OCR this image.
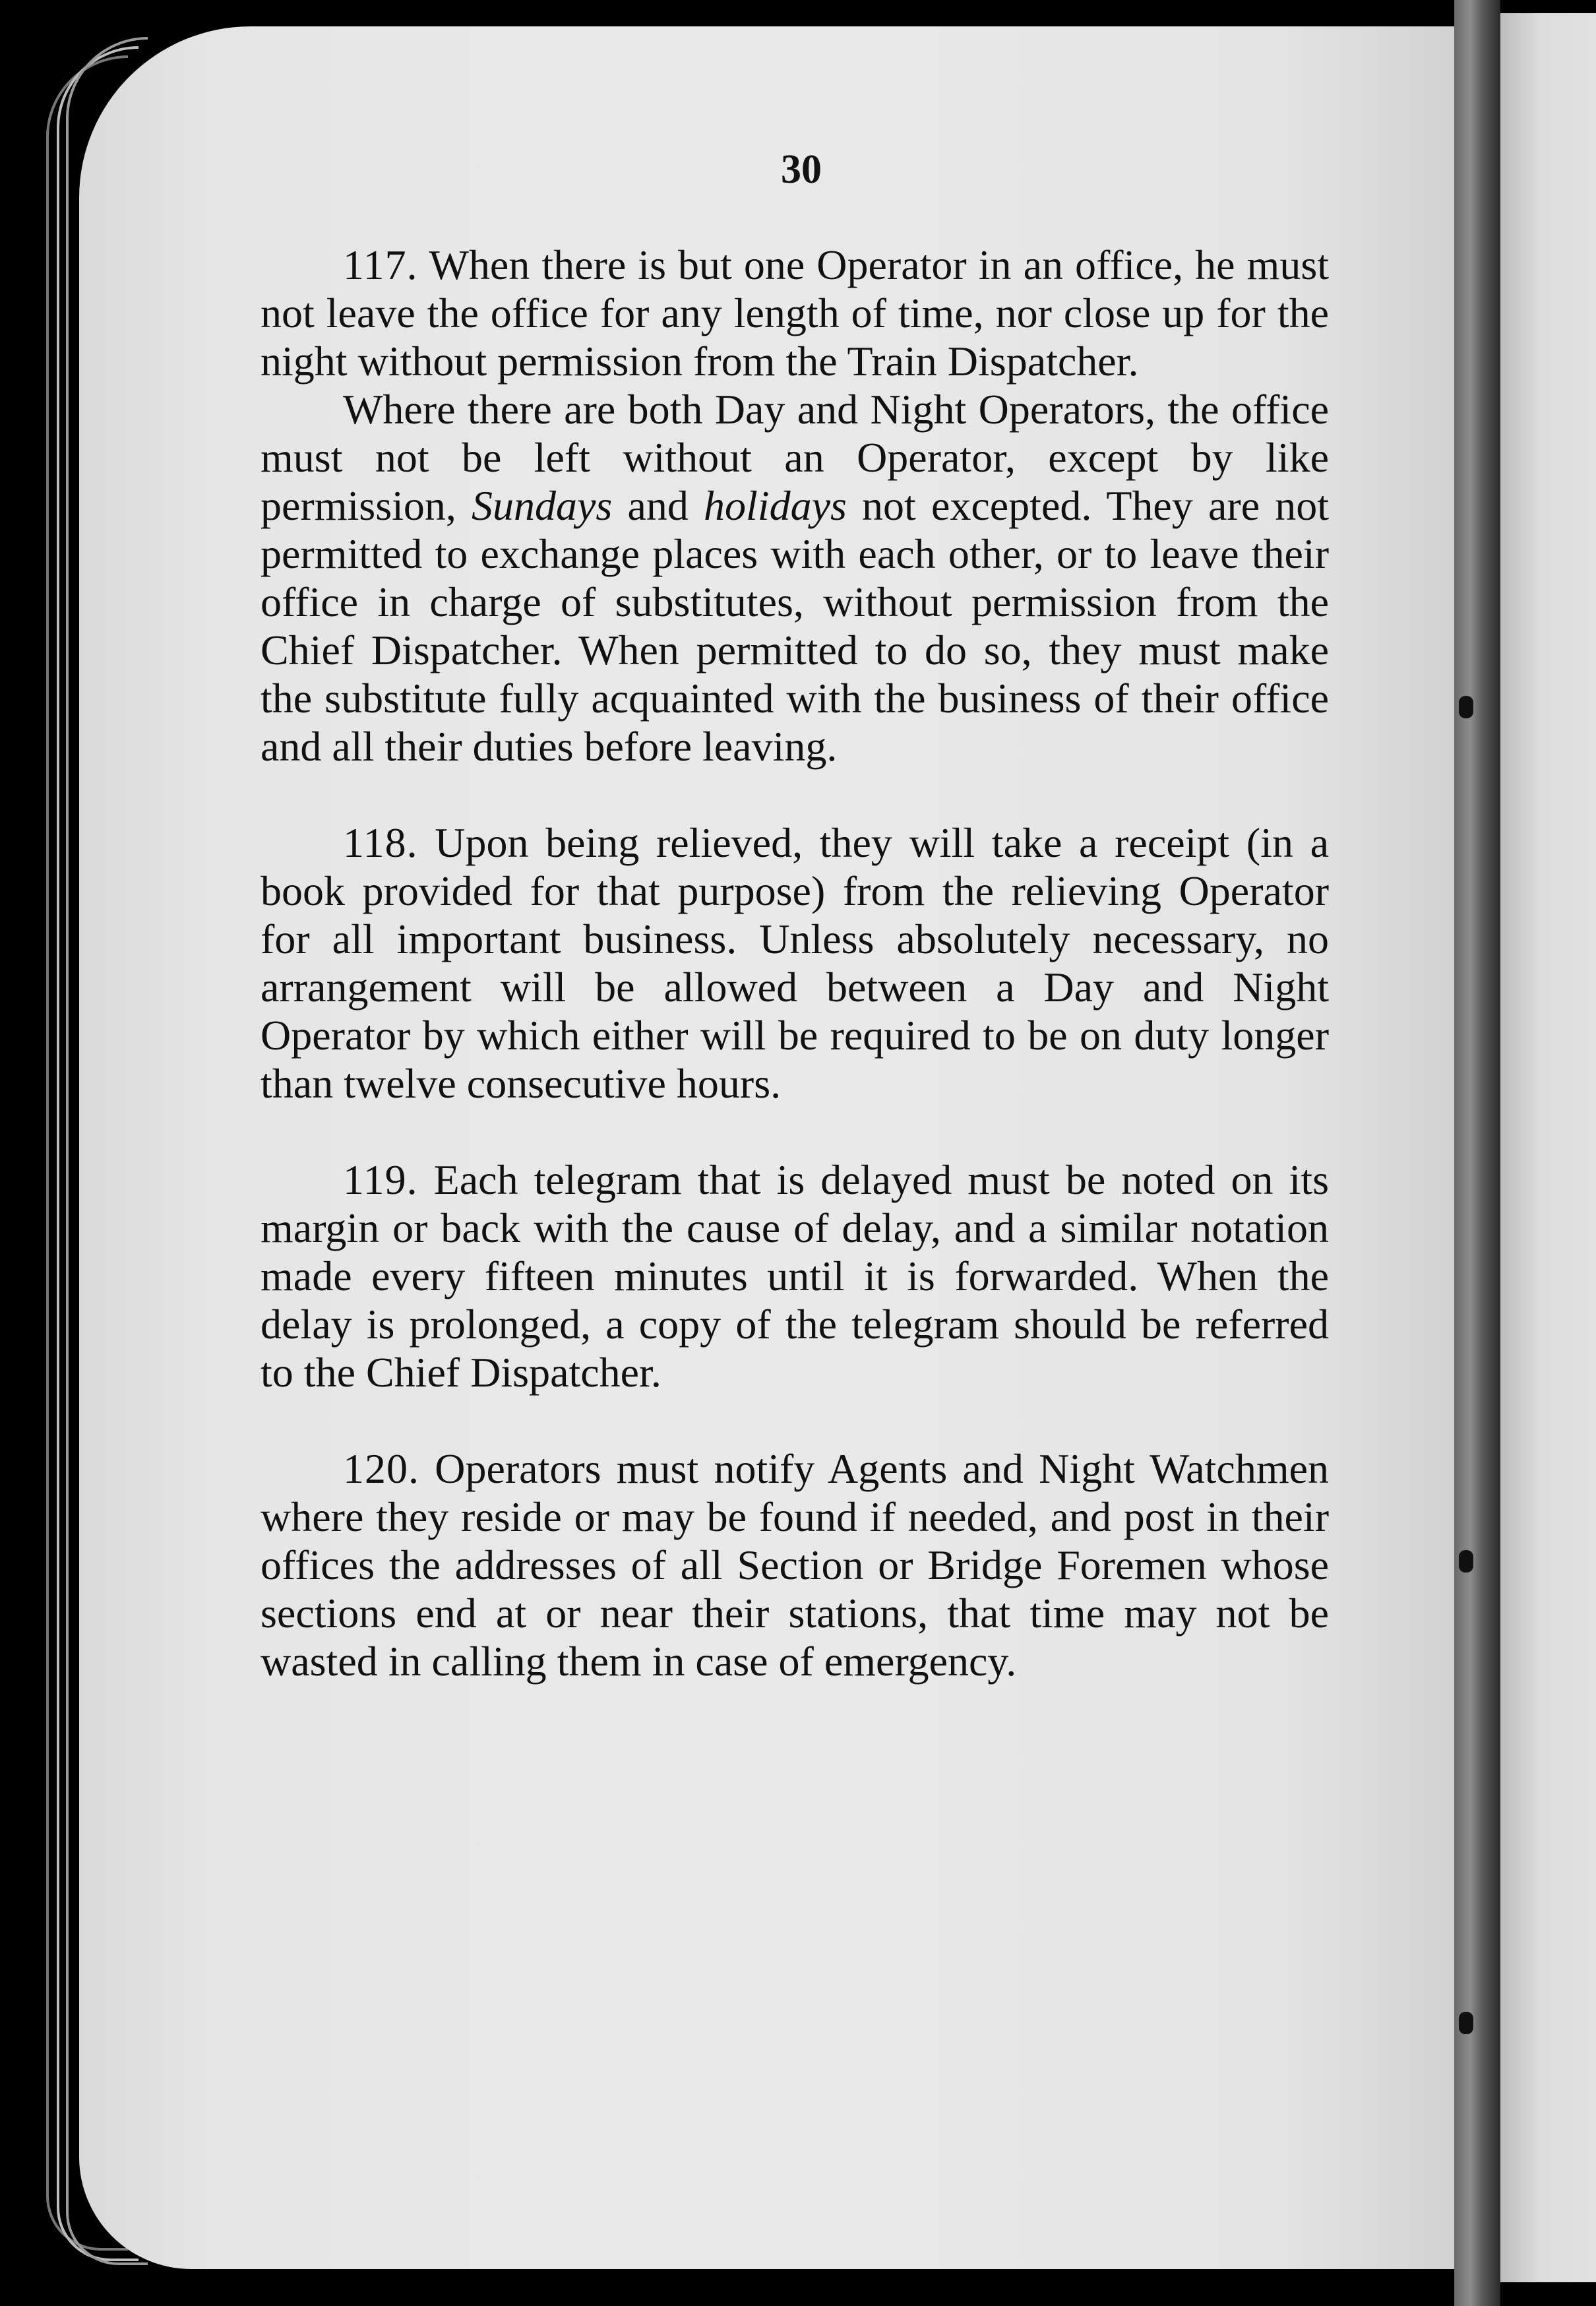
30

117. When there is but one Operator in an office, he must not leave the office for any length of time, nor close up for the night without permission from the Train Dispatcher.

Where there are both Day and Night Operators, the office must not be left without an Operator, except by like permission, Sundays and holidays not excepted. They are not permitted to exchange places with each other, or to leave their office in charge of substitutes, without permission from the Chief Dispatcher. When permitted to do so, they must make the substitute fully acquainted with the business of their office and all their duties before leaving.

118. Upon being relieved, they will take a receipt (in a book provided for that purpose) from the relieving Operator for all important business. Unless absolutely necessary, no arrangement will be allowed between a Day and Night Operator by which either will be required to be on duty longer than twelve consecutive hours.

119. Each telegram that is delayed must be noted on its margin or back with the cause of delay, and a similar notation made every fifteen minutes until it is forwarded. When the delay is prolonged, a copy of the telegram should be referred to the Chief Dispatcher.

120. Operators must notify Agents and Night Watchmen where they reside or may be found if needed, and post in their offices the addresses of all Section or Bridge Foremen whose sections end at or near their stations, that time may not be wasted in calling them in case of emergency.
